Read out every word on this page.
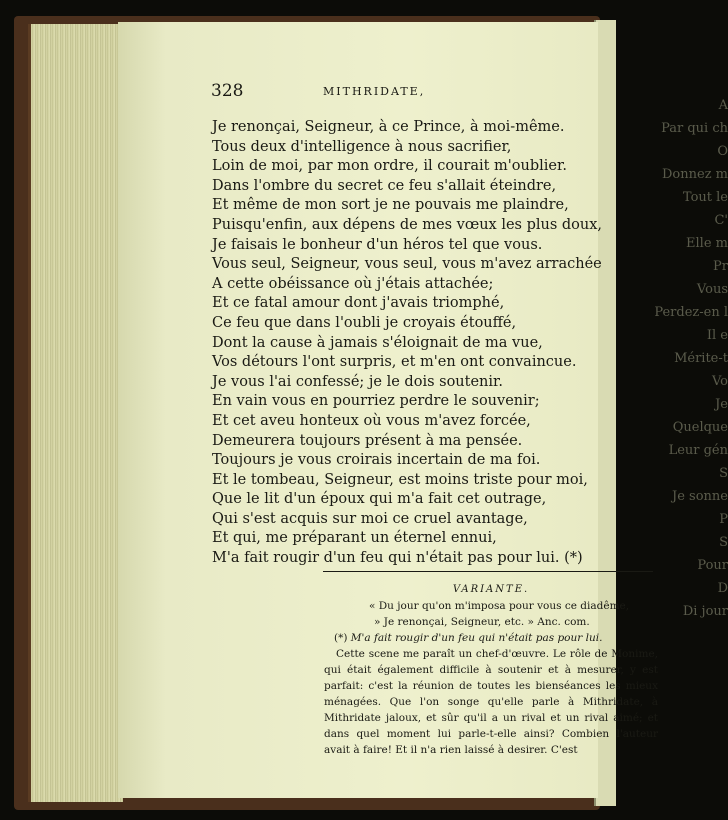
A
Par qui ch
O
Donnez m
Tout le
C'
Elle m
Pr
Vous
Perdez-en l
Il e
Mérite-t
Vo
Je
Quelque
Leur gén
S
Je sonne
P
S
Pour
D
Di jour
328	MITHRIDATE,
Je renonçai, Seigneur, à ce Prince, à moi-même.
Tous deux d'intelligence à nous sacrifier,
Loin de moi, par mon ordre, il courait m'oublier.
Dans l'ombre du secret ce feu s'allait éteindre,
Et même de mon sort je ne pouvais me plaindre,
Puisqu'enfin, aux dépens de mes vœux les plus doux,
Je faisais le bonheur d'un héros tel que vous.
Vous seul, Seigneur, vous seul, vous m'avez arrachée
A cette obéissance où j'étais attachée;
Et ce fatal amour dont j'avais triomphé,
Ce feu que dans l'oubli je croyais étouffé,
Dont la cause à jamais s'éloignait de ma vue,
Vos détours l'ont surpris, et m'en ont convaincue.
Je vous l'ai confessé; je le dois soutenir.
En vain vous en pourriez perdre le souvenir;
Et cet aveu honteux où vous m'avez forcée,
Demeurera toujours présent à ma pensée.
Toujours je vous croirais incertain de ma foi.
Et le tombeau, Seigneur, est moins triste pour moi,
Que le lit d'un époux qui m'a fait cet outrage,
Qui s'est acquis sur moi ce cruel avantage,
Et qui, me préparant un éternel ennui,
M'a fait rougir d'un feu qui n'était pas pour lui. (*)
VARIANTE.
« Du jour qu'on m'imposa pour vous ce diadême,
» Je renonçai, Seigneur, etc. » Anc. com.
(*) M'a fait rougir d'un feu qui n'était pas pour lui.

Cette scene me paraît un chef-d'œuvre. Le rôle de Monime, qui était également difficile à soutenir et à mesurer, y est parfait: c'est la réunion de toutes les bienséances les mieux ménagées. Que l'on songe qu'elle parle à Mithridate, à Mithridate jaloux, et sûr qu'il a un rival et un rival aimé; et dans quel moment lui parle-t-elle ainsi? Combien l'auteur avait à faire! Et il n'a rien laissé à desirer. C'est
